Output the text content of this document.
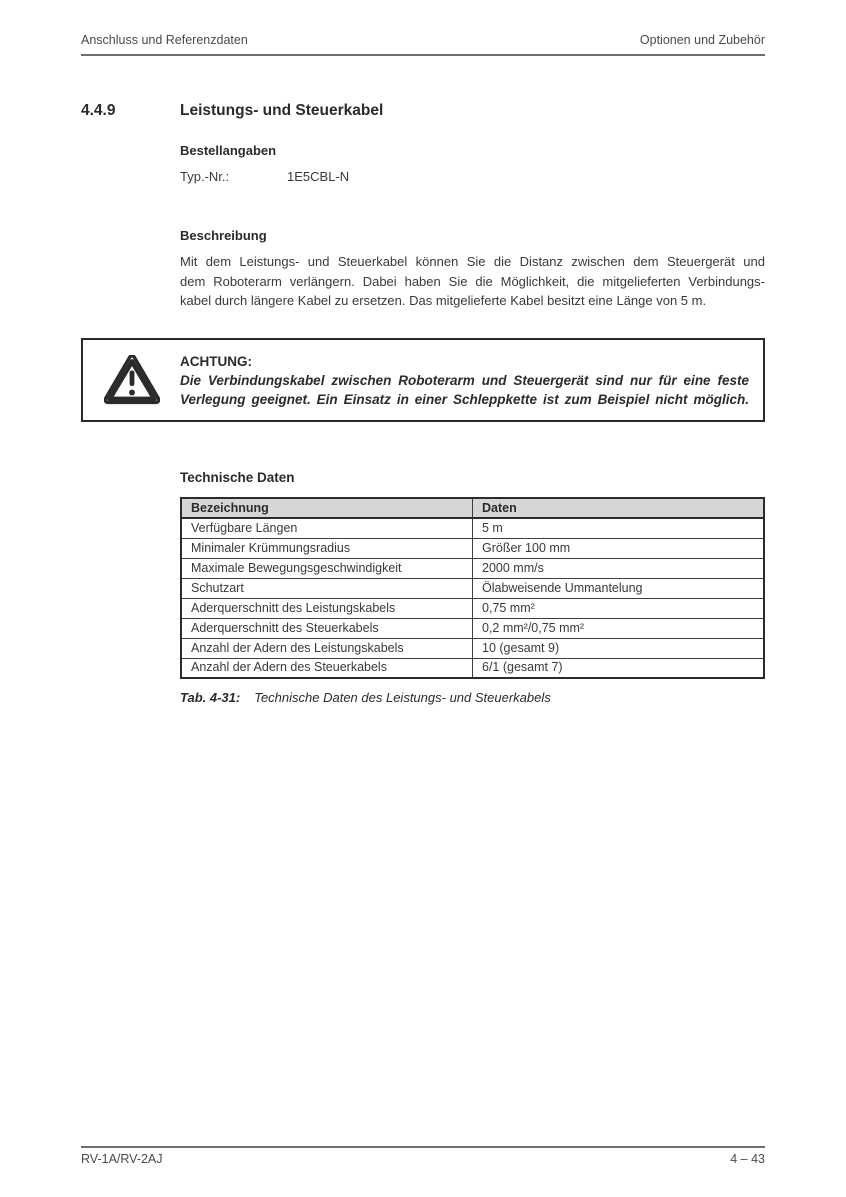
Anschluss und Referenzdaten	Optionen und Zubehör
4.4.9	Leistungs- und Steuerkabel
Bestellangaben
Typ.-Nr.:	1E5CBL-N
Beschreibung
Mit dem Leistungs- und Steuerkabel können Sie die Distanz zwischen dem Steuergerät und
dem Roboterarm verlängern. Dabei haben Sie die Möglichkeit, die mitgelieferten Verbindungs-
kabel durch längere Kabel zu ersetzen. Das mitgelieferte Kabel besitzt eine Länge von 5 m.
ACHTUNG:
Die Verbindungskabel zwischen Roboterarm und Steuergerät sind nur für eine feste
Verlegung geeignet. Ein Einsatz in einer Schleppkette ist zum Beispiel nicht möglich.
Technische Daten
Bezeichnung	Daten
Verfügbare Längen	5 m
Minimaler Krümmungsradius	Größer 100 mm
Maximale Bewegungsgeschwindigkeit	2000 mm/s
Schutzart	Ölabweisende Ummantelung
Aderquerschnitt des Leistungskabels	0,75 mm²
Aderquerschnitt des Steuerkabels	0,2 mm²/0,75 mm²
Anzahl der Adern des Leistungskabels	10 (gesamt 9)
Anzahl der Adern des Steuerkabels	6/1 (gesamt 7)
Tab. 4-31: Technische Daten des Leistungs- und Steuerkabels
RV-1A/RV-2AJ	4 – 43
